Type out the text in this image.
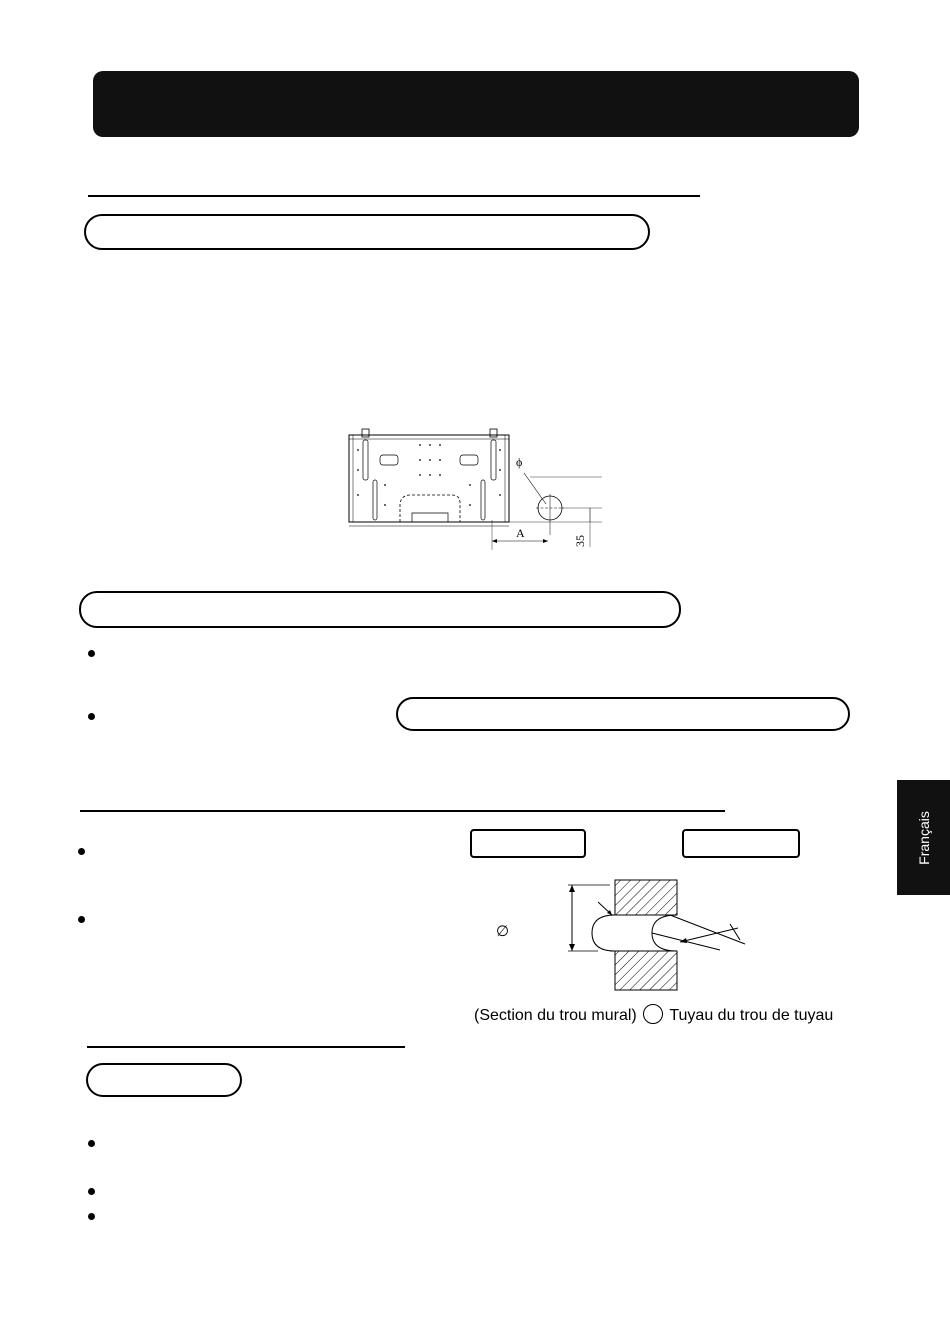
ϕ
A
35
∅
(Section du trou mural) Tuyau du trou de tuyau
Français
